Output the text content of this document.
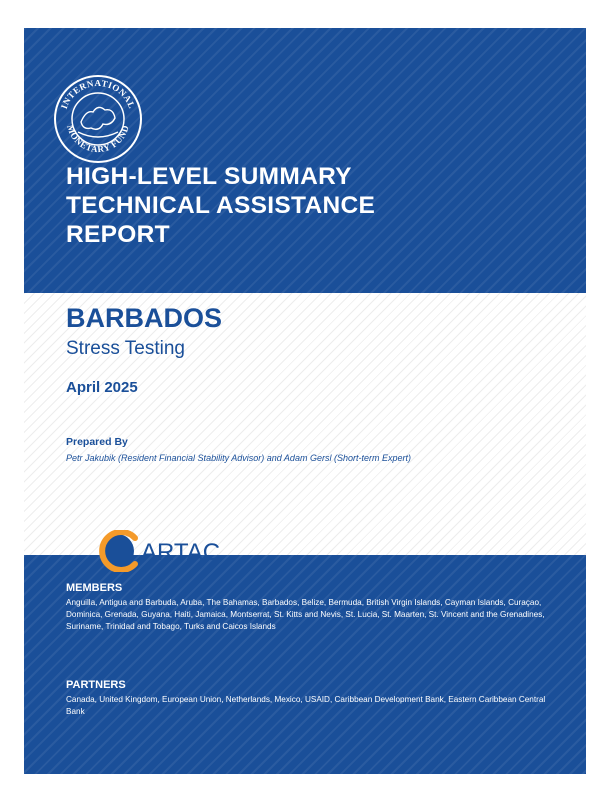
INTERNATIONAL
MONETARY FUND
HIGH-LEVEL SUMMARY
TECHNICAL ASSISTANCE
REPORT
BARBADOS

Stress Testing

April 2025

Prepared By

Petr Jakubik (Resident Financial Stability Advisor) and Adam Gersl (Short-term Expert)

ARTAC

MEMBERS

Anguilla, Antigua and Barbuda, Aruba, The Bahamas, Barbados, Belize, Bermuda, British Virgin Islands, Cayman Islands, Curaçao, Dominica, Grenada, Guyana, Haiti, Jamaica, Montserrat, St. Kitts and Nevis, St. Lucia, St. Maarten, St. Vincent and the Grenadines, Suriname, Trinidad and Tobago, Turks and Caicos Islands

PARTNERS

Canada, United Kingdom, European Union, Netherlands, Mexico, USAID, Caribbean Development Bank, Eastern Caribbean Central Bank
